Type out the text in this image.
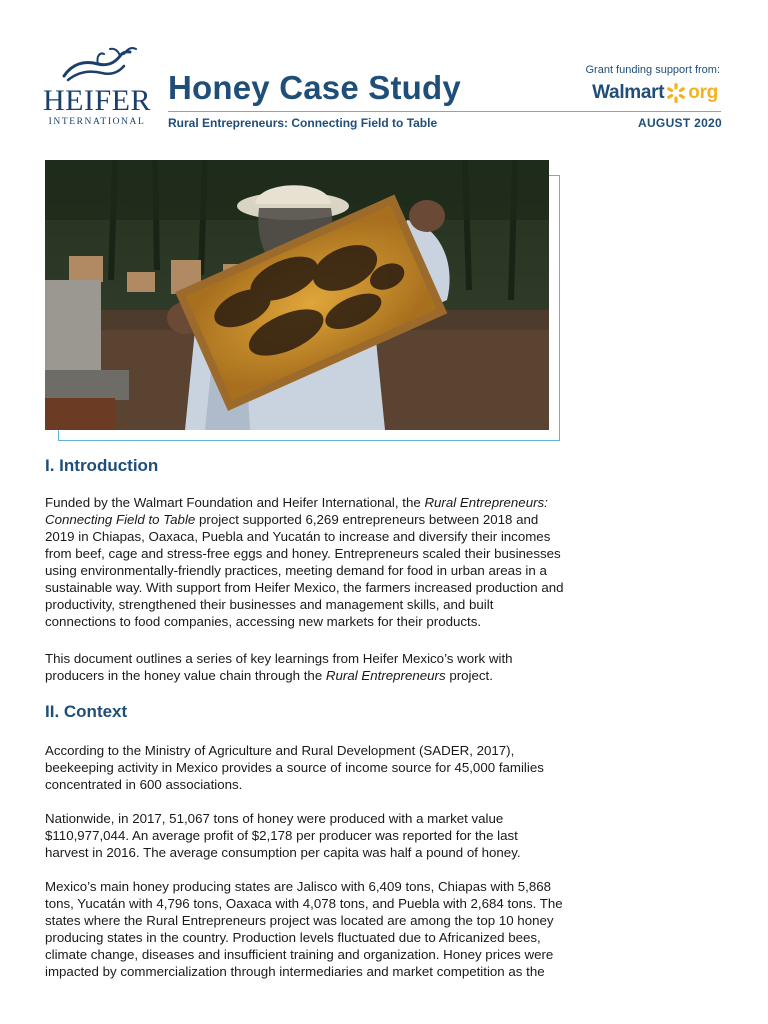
HEIFER
INTERNATIONAL
Honey Case Study
Rural Entrepreneurs: Connecting Field to Table
Grant funding support from:
Walmart org
AUGUST 2020
I. Introduction

Funded by the Walmart Foundation and Heifer International, the Rural Entrepreneurs: Connecting Field to Table project supported 6,269 entrepreneurs between 2018 and 2019 in Chiapas, Oaxaca, Puebla and Yucatán to increase and diversify their incomes from beef, cage and stress-free eggs and honey. Entrepreneurs scaled their businesses using environmentally-friendly practices, meeting demand for food in urban areas in a sustainable way. With support from Heifer Mexico, the farmers increased production and productivity, strengthened their businesses and management skills, and built connections to food companies, accessing new markets for their products.

This document outlines a series of key learnings from Heifer Mexico’s work with producers in the honey value chain through the Rural Entrepreneurs project.

II. Context

According to the Ministry of Agriculture and Rural Development (SADER, 2017), beekeeping activity in Mexico provides a source of income source for 45,000 families concentrated in 600 associations.

Nationwide, in 2017, 51,067 tons of honey were produced with a market value $110,977,044. An average profit of $2,178 per producer was reported for the last harvest in 2016. The average consumption per capita was half a pound of honey.

Mexico’s main honey producing states are Jalisco with 6,409 tons, Chiapas with 5,868 tons, Yucatán with 4,796 tons, Oaxaca with 4,078 tons, and Puebla with 2,684 tons. The states where the Rural Entrepreneurs project was located are among the top 10 honey producing states in the country. Production levels fluctuated due to Africanized bees, climate change, diseases and insufficient training and organization. Honey prices were impacted by commercialization through intermediaries and market competition as the
